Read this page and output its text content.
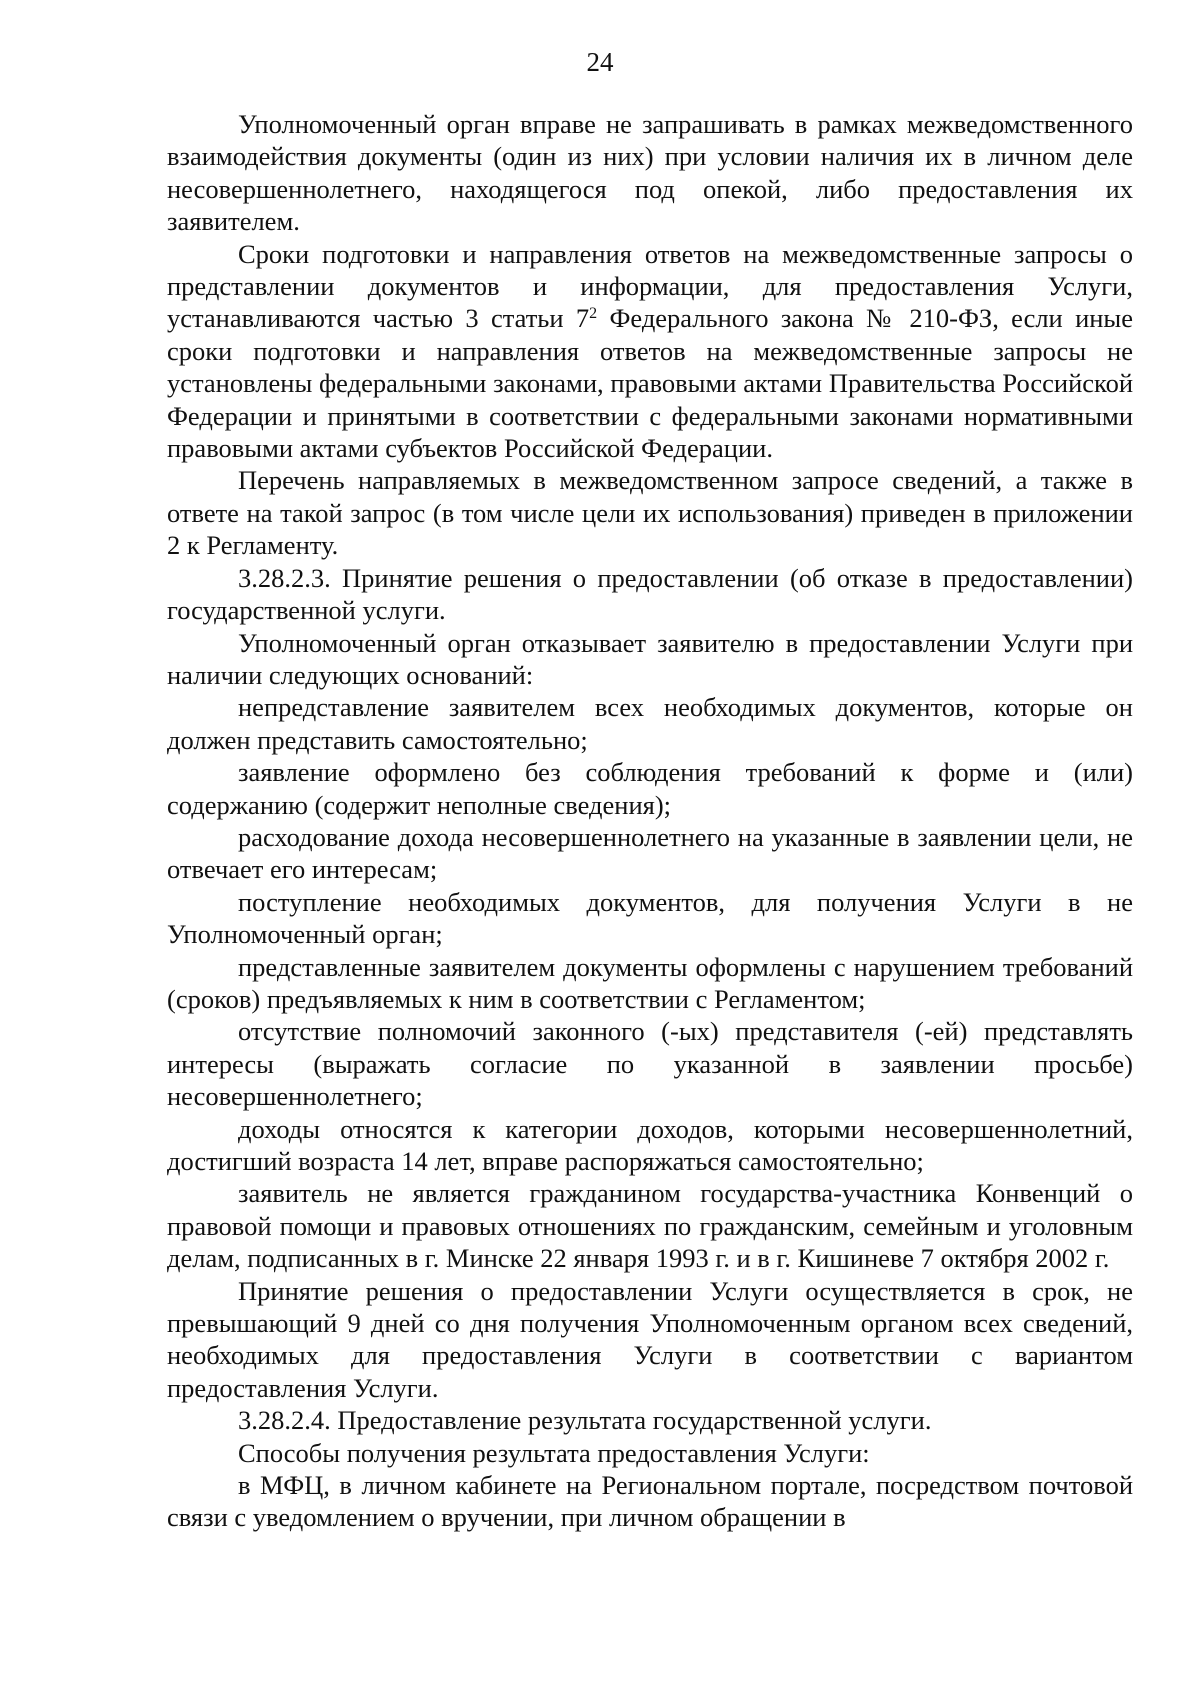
24

Уполномоченный орган вправе не запрашивать в рамках межведомственного взаимодействия документы (один из них) при условии наличия их в личном деле несовершеннолетнего, находящегося под опекой, либо предоставления их заявителем.

Сроки подготовки и направления ответов на межведомственные запросы о представлении документов и информации, для предоставления Услуги, устанавливаются частью 3 статьи $7^2$ Федерального закона № 210-ФЗ, если иные сроки подготовки и направления ответов на межведомственные запросы не установлены федеральными законами, правовыми актами Правительства Российской Федерации и принятыми в соответствии с федеральными законами нормативными правовыми актами субъектов Российской Федерации.

Перечень направляемых в межведомственном запросе сведений, а также в ответе на такой запрос (в том числе цели их использования) приведен в приложении 2 к Регламенту.

3.28.2.3. Принятие решения о предоставлении (об отказе в предоставлении) государственной услуги.

Уполномоченный орган отказывает заявителю в предоставлении Услуги при наличии следующих оснований:

непредставление заявителем всех необходимых документов, которые он должен представить самостоятельно;

заявление оформлено без соблюдения требований к форме и (или) содержанию (содержит неполные сведения);

расходование дохода несовершеннолетнего на указанные в заявлении цели, не отвечает его интересам;

поступление необходимых документов, для получения Услуги в не Уполномоченный орган;

представленные заявителем документы оформлены с нарушением требований (сроков) предъявляемых к ним в соответствии с Регламентом;

отсутствие полномочий законного (-ых) представителя (-ей) представлять интересы (выражать согласие по указанной в заявлении просьбе) несовершеннолетнего;

доходы относятся к категории доходов, которыми несовершеннолетний, достигший возраста 14 лет, вправе распоряжаться самостоятельно;

заявитель не является гражданином государства-участника Конвенций о правовой помощи и правовых отношениях по гражданским, семейным и уголовным делам, подписанных в г. Минске 22 января 1993 г. и в г. Кишиневе 7 октября 2002 г.

Принятие решения о предоставлении Услуги осуществляется в срок, не превышающий 9 дней со дня получения Уполномоченным органом всех сведений, необходимых для предоставления Услуги в соответствии с вариантом предоставления Услуги.

3.28.2.4. Предоставление результата государственной услуги.

Способы получения результата предоставления Услуги:

в МФЦ, в личном кабинете на Региональном портале, посредством почтовой связи с уведомлением о вручении, при личном обращении в
